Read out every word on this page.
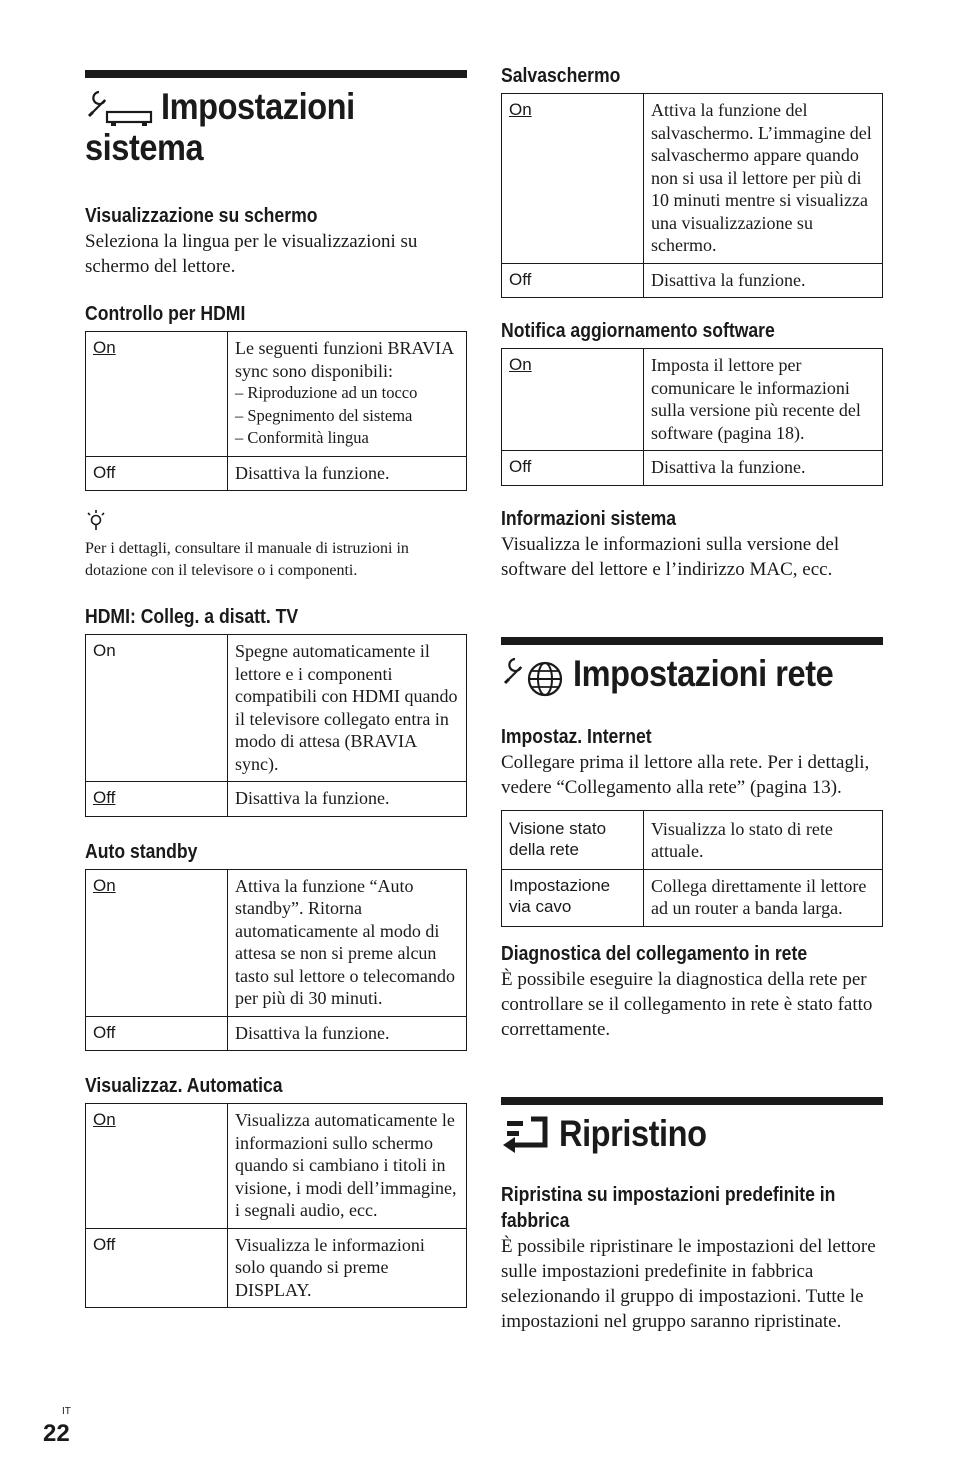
Impostazioni
sistema
Visualizzazione su schermo
Seleziona la lingua per le visualizzazioni su schermo del lettore.
Controllo per HDMI
On	Le seguenti funzioni BRAVIA sync sono disponibili:
– Riproduzione ad un tocco
– Spegnimento del sistema
– Conformità lingua

Off	Disattiva la funzione.
Per i dettagli, consultare il manuale di istruzioni in dotazione con il televisore o i componenti.
HDMI: Colleg. a disatt. TV
On	Spegne automaticamente il lettore e i componenti compatibili con HDMI quando il televisore collegato entra in modo di attesa (BRAVIA sync).
Off	Disattiva la funzione.
Auto standby
On	Attiva la funzione “Auto standby”. Ritorna automaticamente al modo di attesa se non si preme alcun tasto sul lettore o telecomando per più di 30 minuti.
Off	Disattiva la funzione.
Visualizzaz. Automatica
On	Visualizza automaticamente le informazioni sullo schermo quando si cambiano i titoli in visione, i modi dell’immagine, i segnali audio, ecc.
Off	Visualizza le informazioni solo quando si preme DISPLAY.
Salvaschermo
On	Attiva la funzione del salvaschermo. L’immagine del salvaschermo appare quando non si usa il lettore per più di 10 minuti mentre si visualizza una visualizzazione su schermo.
Off	Disattiva la funzione.
Notifica aggiornamento software
On	Imposta il lettore per comunicare le informazioni sulla versione più recente del software (pagina 18).
Off	Disattiva la funzione.
Informazioni sistema
Visualizza le informazioni sulla versione del software del lettore e l’indirizzo MAC, ecc.
Impostazioni rete
Impostaz. Internet
Collegare prima il lettore alla rete. Per i dettagli, vedere “Collegamento alla rete” (pagina 13).
Visione stato della rete	Visualizza lo stato di rete attuale.
Impostazione via cavo	Collega direttamente il lettore ad un router a banda larga.
Diagnostica del collegamento in rete
È possibile eseguire la diagnostica della rete per controllare se il collegamento in rete è stato fatto correttamente.
Ripristino
Ripristina su impostazioni predefinite in fabbrica
È possibile ripristinare le impostazioni del lettore sulle impostazioni predefinite in fabbrica selezionando il gruppo di impostazioni. Tutte le impostazioni nel gruppo saranno ripristinate.
IT
22
